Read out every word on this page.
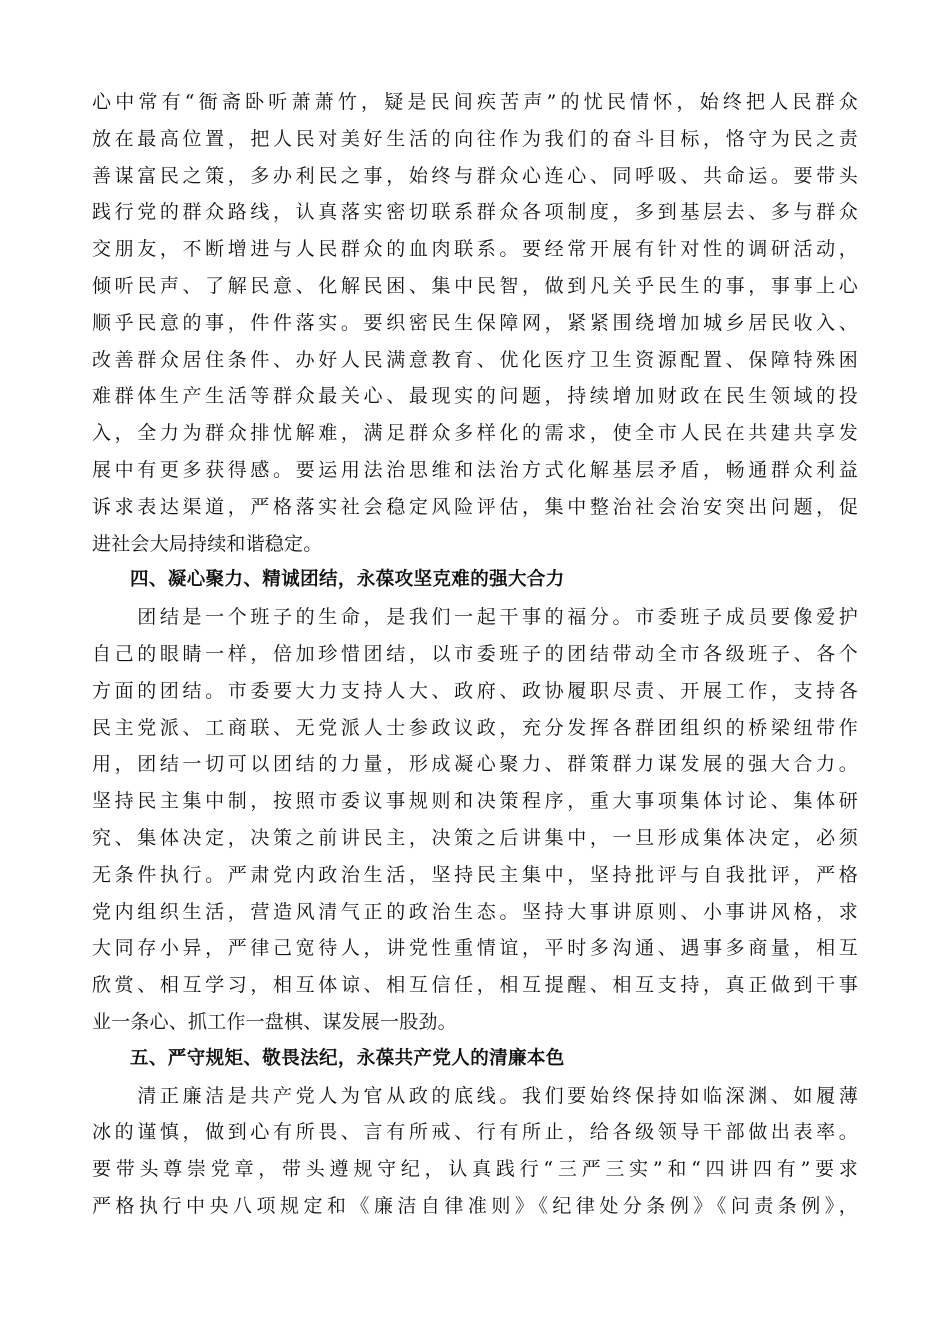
心中常有“衙斋卧听萧萧竹，疑是民间疾苦声”的忧民情怀，始终把人民群众
放在最高位置，把人民对美好生活的向往作为我们的奋斗目标，恪守为民之责
善谋富民之策，多办利民之事，始终与群众心连心、同呼吸、共命运。要带头
践行党的群众路线，认真落实密切联系群众各项制度，多到基层去、多与群众
交朋友，不断增进与人民群众的血肉联系。要经常开展有针对性的调研活动，
倾听民声、了解民意、化解民困、集中民智，做到凡关乎民生的事，事事上心
顺乎民意的事，件件落实。要织密民生保障网，紧紧围绕增加城乡居民收入、
改善群众居住条件、办好人民满意教育、优化医疗卫生资源配置、保障特殊困
难群体生产生活等群众最关心、最现实的问题，持续增加财政在民生领域的投
入，全力为群众排忧解难，满足群众多样化的需求，使全市人民在共建共享发
展中有更多获得感。要运用法治思维和法治方式化解基层矛盾，畅通群众利益
诉求表达渠道，严格落实社会稳定风险评估，集中整治社会治安突出问题，促
进社会大局持续和谐稳定。
四、凝心聚力、精诚团结，永葆攻坚克难的强大合力
　　团结是一个班子的生命，是我们一起干事的福分。市委班子成员要像爱护
自己的眼睛一样，倍加珍惜团结，以市委班子的团结带动全市各级班子、各个
方面的团结。市委要大力支持人大、政府、政协履职尽责、开展工作，支持各
民主党派、工商联、无党派人士参政议政，充分发挥各群团组织的桥梁纽带作
用，团结一切可以团结的力量，形成凝心聚力、群策群力谋发展的强大合力。
坚持民主集中制，按照市委议事规则和决策程序，重大事项集体讨论、集体研
究、集体决定，决策之前讲民主，决策之后讲集中，一旦形成集体决定，必须
无条件执行。严肃党内政治生活，坚持民主集中，坚持批评与自我批评，严格
党内组织生活，营造风清气正的政治生态。坚持大事讲原则、小事讲风格，求
大同存小异，严律己宽待人，讲党性重情谊，平时多沟通、遇事多商量，相互
欣赏、相互学习，相互体谅、相互信任，相互提醒、相互支持，真正做到干事
业一条心、抓工作一盘棋、谋发展一股劲。
五、严守规矩、敬畏法纪，永葆共产党人的清廉本色
　　清正廉洁是共产党人为官从政的底线。我们要始终保持如临深渊、如履薄
冰的谨慎，做到心有所畏、言有所戒、行有所止，给各级领导干部做出表率。
要带头尊崇党章，带头遵规守纪，认真践行“三严三实”和“四讲四有”要求
严格执行中央八项规定和《廉洁自律准则》《纪律处分条例》《问责条例》，
